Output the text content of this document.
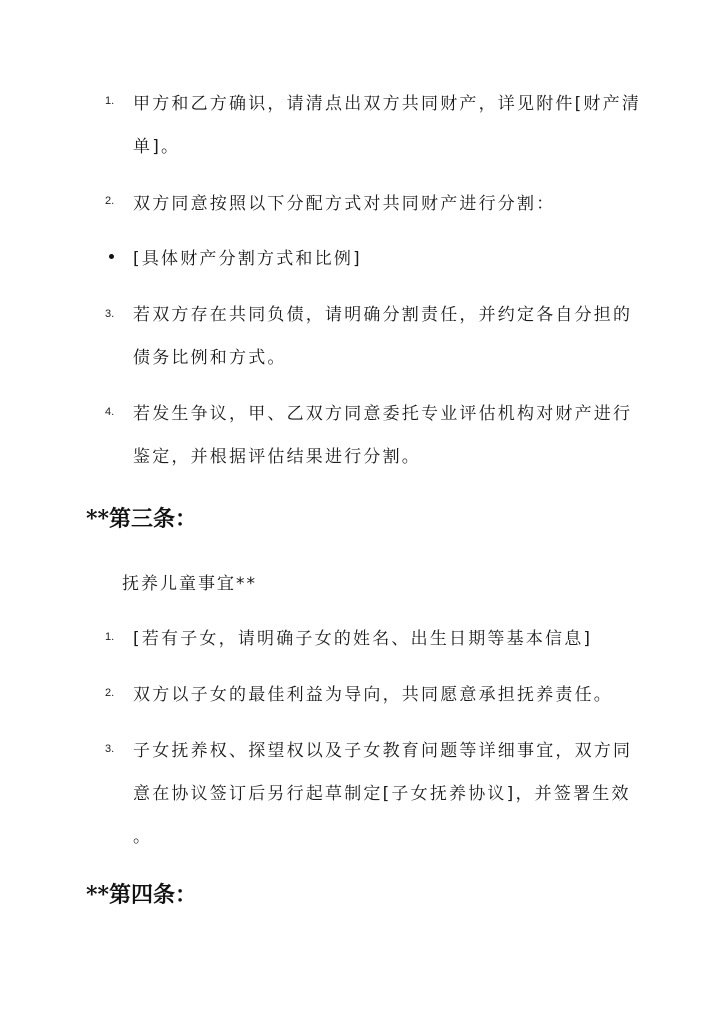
1. 甲方和乙方确识，请清点出双方共同财产，详见附件[财产清
单]。
2. 双方同意按照以下分配方式对共同财产进行分割：
[具体财产分割方式和比例]
3. 若双方存在共同负债，请明确分割责任，并约定各自分担的
债务比例和方式。
4. 若发生争议，甲、乙双方同意委托专业评估机构对财产进行
鉴定，并根据评估结果进行分割。
**第三条：
抚养儿童事宜**
1. [若有子女，请明确子女的姓名、出生日期等基本信息]
2. 双方以子女的最佳利益为导向，共同愿意承担抚养责任。
3. 子女抚养权、探望权以及子女教育问题等详细事宜，双方同
意在协议签订后另行起草制定[子女抚养协议]，并签署生效
。
**第四条：
